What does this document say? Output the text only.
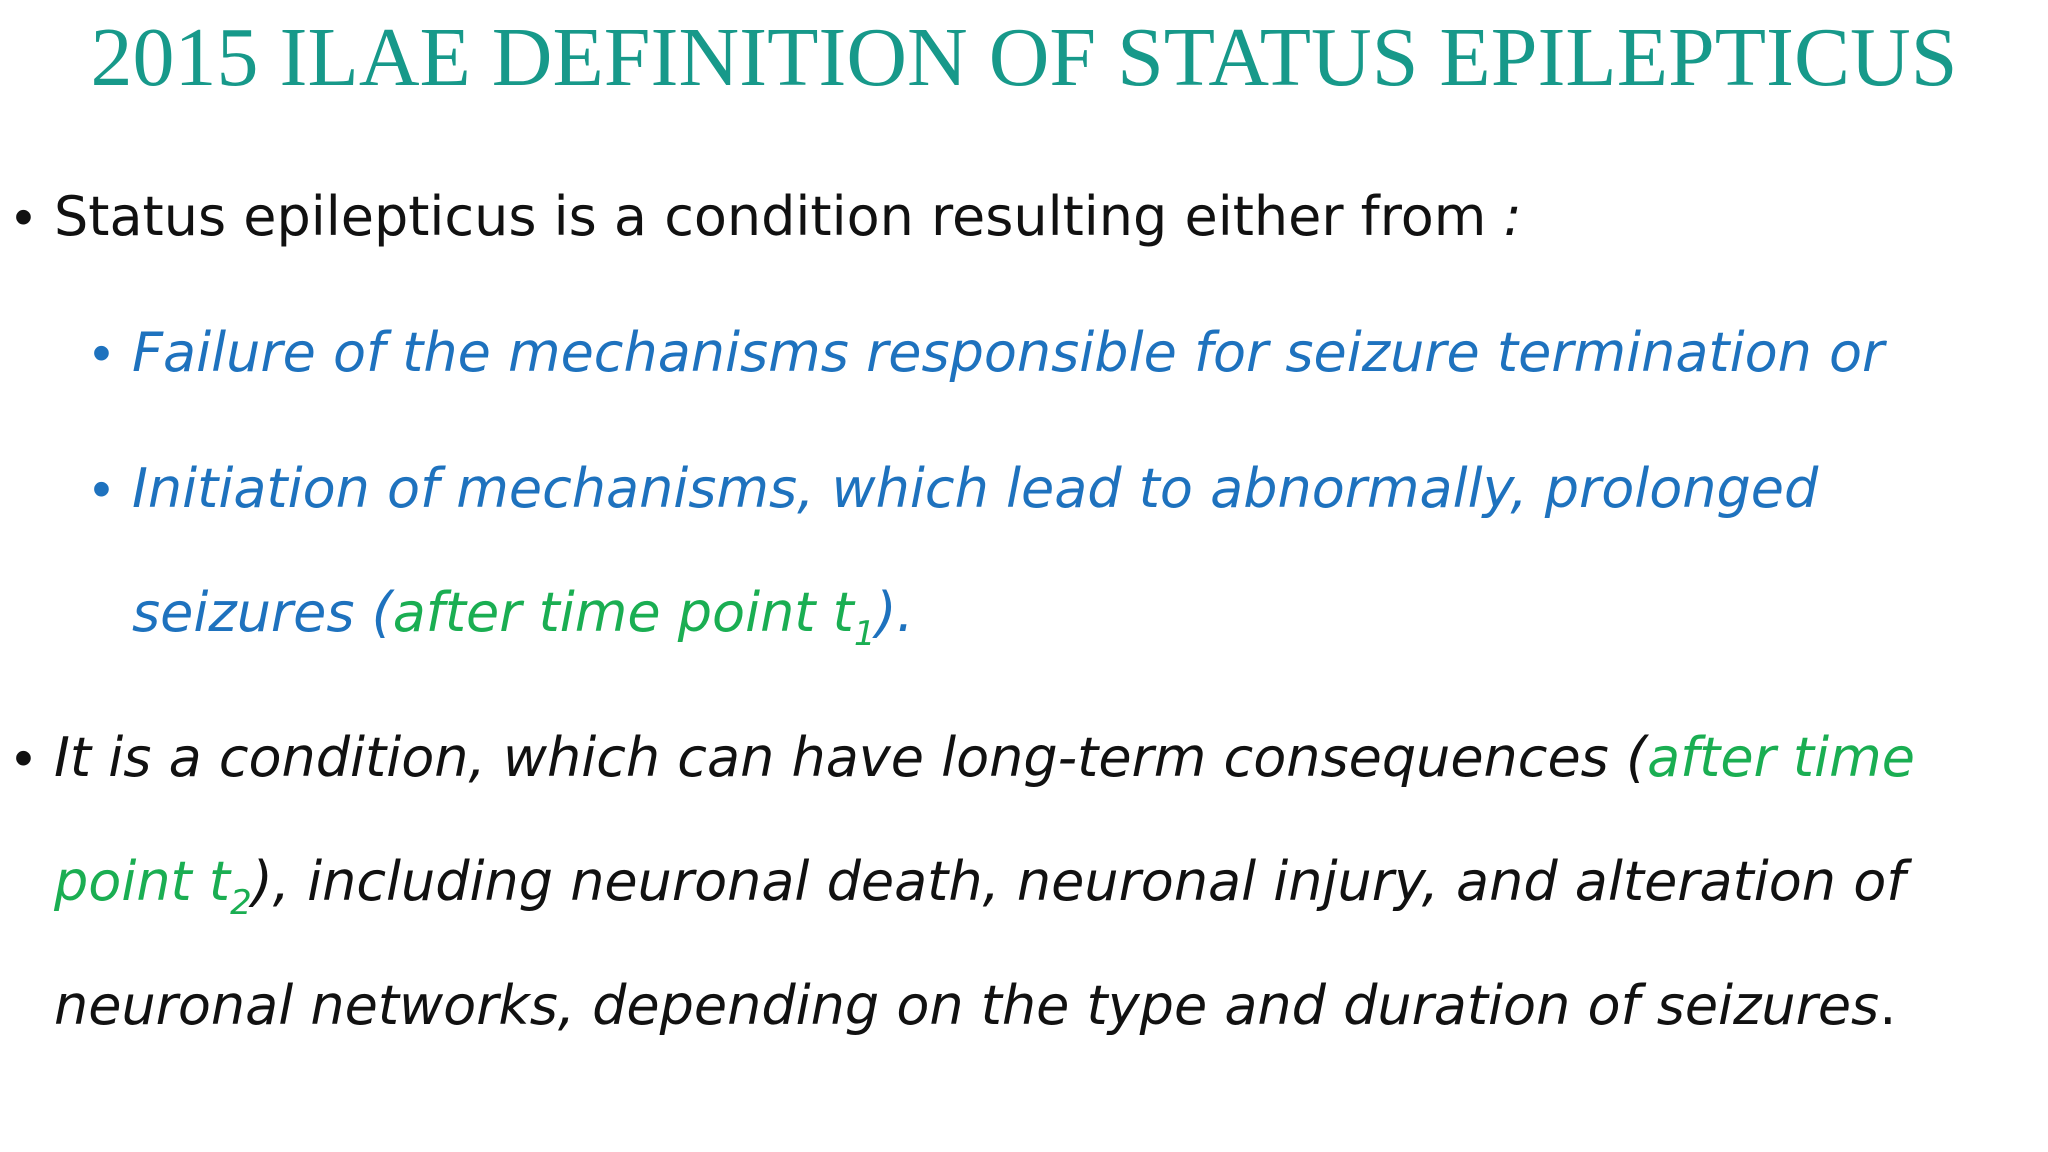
2015 ILAE DEFINITION OF STATUS EPILEPTICUS
• Status epilepticus is a condition resulting either from :
• Failure of the mechanisms responsible for seizure termination or
• Initiation of mechanisms, which lead to abnormally, prolonged
seizures (after time point $t_1$).
• It is a condition, which can have long-term consequences (after time
point $t_2$), including neuronal death, neuronal injury, and alteration of
neuronal networks, depending on the type and duration of seizures.
